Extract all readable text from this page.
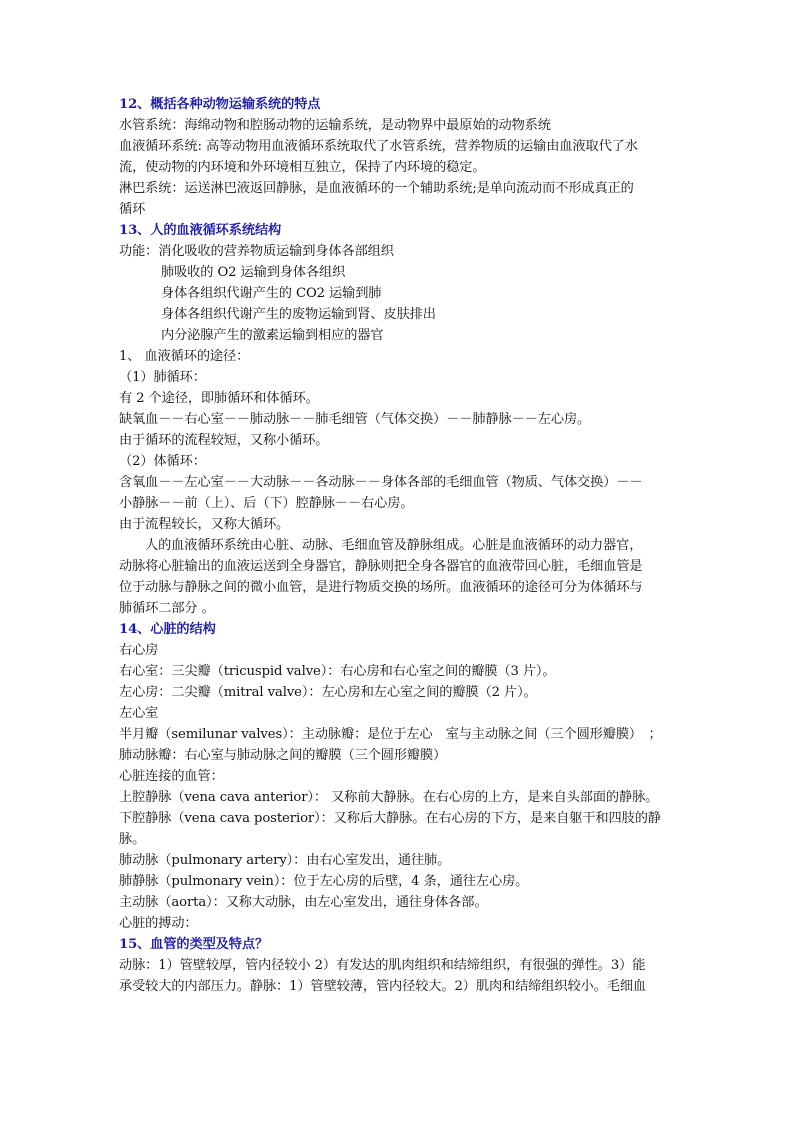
12、概括各种动物运输系统的特点
水管系统：海绵动物和腔肠动物的运输系统，是动物界中最原始的动物系统
血液循环系统: 高等动物用血液循环系统取代了水管系统，营养物质的运输由血液取代了水
流，使动物的内环境和外环境相互独立，保持了内环境的稳定。
淋巴系统：运送淋巴液返回静脉，是血液循环的一个辅助系统;是单向流动而不形成真正的
循环
13、人的血液循环系统结构
功能：消化吸收的营养物质运输到身体各部组织
肺吸收的 O2 运输到身体各组织
身体各组织代谢产生的 CO2 运输到肺
身体各组织代谢产生的废物运输到肾、皮肤排出
内分泌腺产生的激素运输到相应的器官
1、 血液循环的途径：
（1）肺循环：
有 2 个途径，即肺循环和体循环。
缺氧血－－右心室－－肺动脉－－肺毛细管（气体交换）－－肺静脉－－左心房。
由于循环的流程较短，又称小循环。
（2）体循环：
含氧血－－左心室－－大动脉－－各动脉－－身体各部的毛细血管（物质、气体交换）－－
小静脉－－前（上）、后（下）腔静脉－－右心房。
由于流程较长，又称大循环。
人的血液循环系统由心脏、动脉、毛细血管及静脉组成。心脏是血液循环的动力器官，
动脉将心脏输出的血液运送到全身器官，静脉则把全身各器官的血液带回心脏，毛细血管是
位于动脉与静脉之间的微小血管，是进行物质交换的场所。血液循环的途径可分为体循环与
肺循环二部分 。
14、心脏的结构
右心房
右心室：三尖瓣（tricuspid valve）：右心房和右心室之间的瓣膜（3 片）。
左心房：二尖瓣（mitral valve）：左心房和左心室之间的瓣膜（2 片）。
左心室
半月瓣（semilunar valves）：主动脉瓣：是位于左心　室与主动脉之间（三个圆形瓣膜）　；
肺动脉瓣：右心室与肺动脉之间的瓣膜（三个圆形瓣膜）
心脏连接的血管：
上腔静脉（vena cava anterior）： 又称前大静脉。在右心房的上方，是来自头部面的静脉。
下腔静脉（vena cava posterior）：又称后大静脉。在右心房的下方，是来自躯干和四肢的静
脉。
肺动脉（pulmonary artery）：由右心室发出，通往肺。
肺静脉（pulmonary vein）：位于左心房的后壁，4 条，通往左心房。
主动脉（aorta）：又称大动脉，由左心室发出，通往身体各部。
心脏的搏动：
15、血管的类型及特点？
动脉：1）管壁较厚，管内径较小 2）有发达的肌肉组织和结缔组织，有很强的弹性。3）能
承受较大的内部压力。静脉：1）管壁较薄，管内径较大。2）肌肉和结缔组织较小。毛细血
